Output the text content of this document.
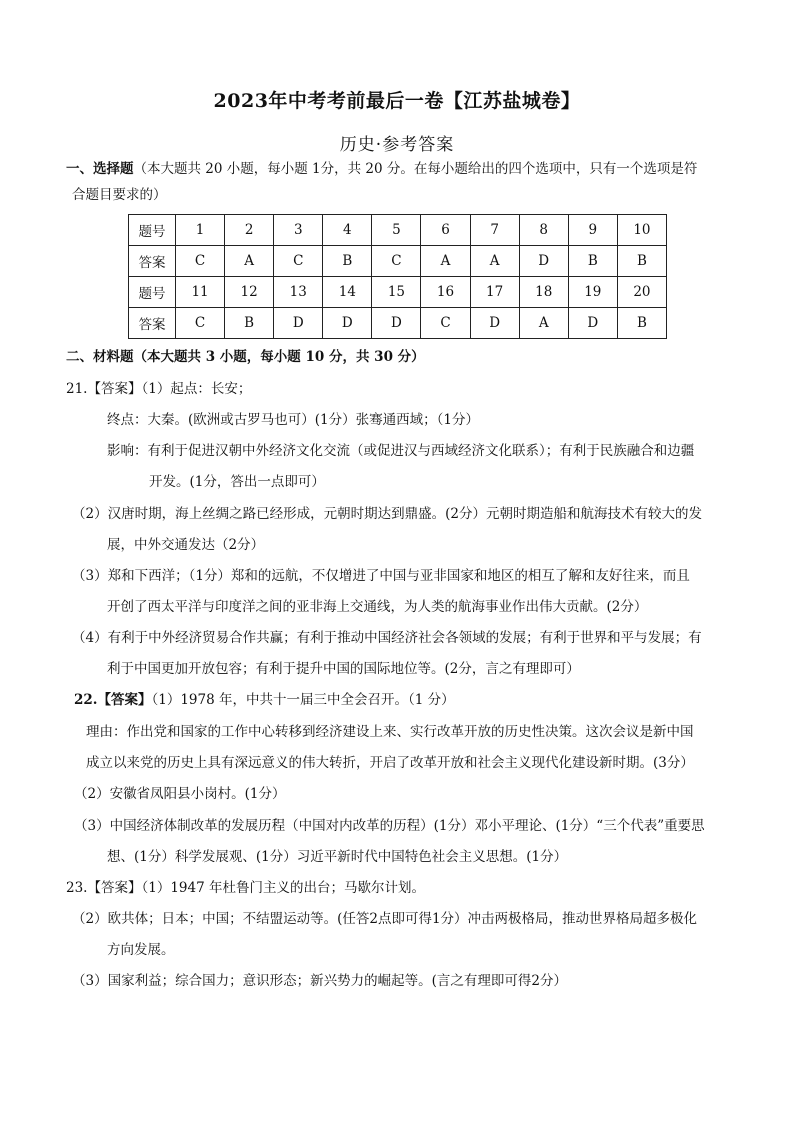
2023年中考考前最后一卷【江苏盐城卷】
历史·参考答案
一、选择题（本大题共 20 小题，每小题 1分，共 20 分。在每小题给出的四个选项中，只有一个选项是符
合题目要求的）
题号	1	2	3	4	5	6	7	8	9	10
答案	C	A	C	B	C	A	A	D	B	B
题号	11	12	13	14	15	16	17	18	19	20
答案	C	B	D	D	D	C	D	A	D	B
二、材料题（本大题共 3 小题，每小题 10 分，共 30 分）
21.【答案】（1）起点：长安；
终点：大秦。(欧洲或古罗马也可）(1分）张骞通西域；（1分）
影响：有利于促进汉朝中外经济文化交流（或促进汉与西域经济文化联系）；有利于民族融合和边疆
开发。(1分，答出一点即可）
（2）汉唐时期，海上丝绸之路已经形成，元朝时期达到鼎盛。(2分）元朝时期造船和航海技术有较大的发
展，中外交通发达（2分）
（3）郑和下西洋；（1分）郑和的远航，不仅增进了中国与亚非国家和地区的相互了解和友好往来，而且
开创了西太平洋与印度洋之间的亚非海上交通线，为人类的航海事业作出伟大贡献。(2分）
（4）有利于中外经济贸易合作共赢；有利于推动中国经济社会各领域的发展；有利于世界和平与发展；有
利于中国更加开放包容；有利于提升中国的国际地位等。(2分，言之有理即可）
22.【答案】（1）1978 年，中共十一届三中全会召开。（1 分）
理由：作出党和国家的工作中心转移到经济建设上来、实行改革开放的历史性决策。这次会议是新中国
成立以来党的历史上具有深远意义的伟大转折，开启了改革开放和社会主义现代化建设新时期。(3分）
（2）安徽省凤阳县小岗村。(1分）
（3）中国经济体制改革的发展历程（中国对内改革的历程）(1分）邓小平理论、(1分）“三个代表”重要思
想、(1分）科学发展观、(1分）习近平新时代中国特色社会主义思想。(1分）
23.【答案】（1）1947 年杜鲁门主义的出台；马歇尔计划。
（2）欧共体；日本；中国；不结盟运动等。(任答2点即可得1分）冲击两极格局，推动世界格局超多极化
方向发展。
（3）国家利益；综合国力；意识形态；新兴势力的崛起等。(言之有理即可得2分）
